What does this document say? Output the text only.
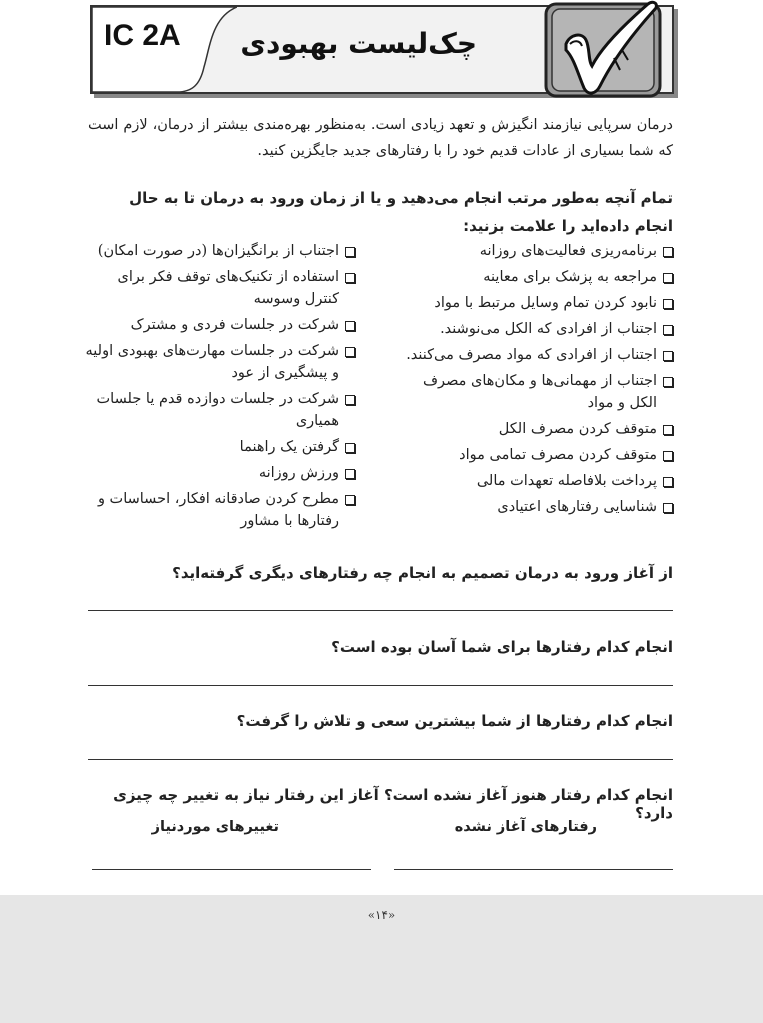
IC 2A چک‌لیست بهبودی
درمان سرپایی نیازمند انگیزش و تعهد زیادی است. به‌منظور بهره‌مندی بیشتر از درمان، لازم است که شما بسیاری از عادات قدیم خود را با رفتارهای جدید جایگزین کنید.
تمام آنچه به‌طور مرتب انجام می‌دهید و یا از زمان ورود به درمان تا به حال انجام داده‌اید را علامت بزنید:
برنامه‌ریزی فعالیت‌های روزانه
مراجعه به پزشک برای معاینه
نابود کردن تمام وسایل مرتبط با مواد
اجتناب از افرادی که الکل می‌نوشند.
اجتناب از افرادی که مواد مصرف می‌کنند.
اجتناب از مهمانی‌ها و مکان‌های مصرف الکل و مواد
متوقف کردن مصرف الکل
متوقف کردن مصرف تمامی مواد
پرداخت بلافاصله تعهدات مالی
شناسایی رفتارهای اعتیادی
اجتناب از برانگیزان‌ها (در صورت امکان)
استفاده از تکنیک‌های توقف فکر برای کنترل وسوسه
شرکت در جلسات فردی و مشترک
شرکت در جلسات مهارت‌های بهبودی اولیه و پیشگیری از عود
شرکت در جلسات دوازده قدم یا جلسات همیاری
گرفتن یک راهنما
ورزش روزانه
مطرح کردن صادقانه افکار، احساسات و رفتارها با مشاور
از آغاز ورود به درمان تصمیم به انجام چه رفتارهای دیگری گرفته‌اید؟
انجام کدام رفتارها برای شما آسان بوده است؟
انجام کدام رفتارها از شما بیشترین سعی و تلاش را گرفت؟
انجام کدام رفتار هنوز آغاز نشده است؟ آغاز این رفتار نیاز به تغییر چه چیزی دارد؟
رفتارهای آغاز نشده
تغییرهای موردنیاز
«۱۴»
